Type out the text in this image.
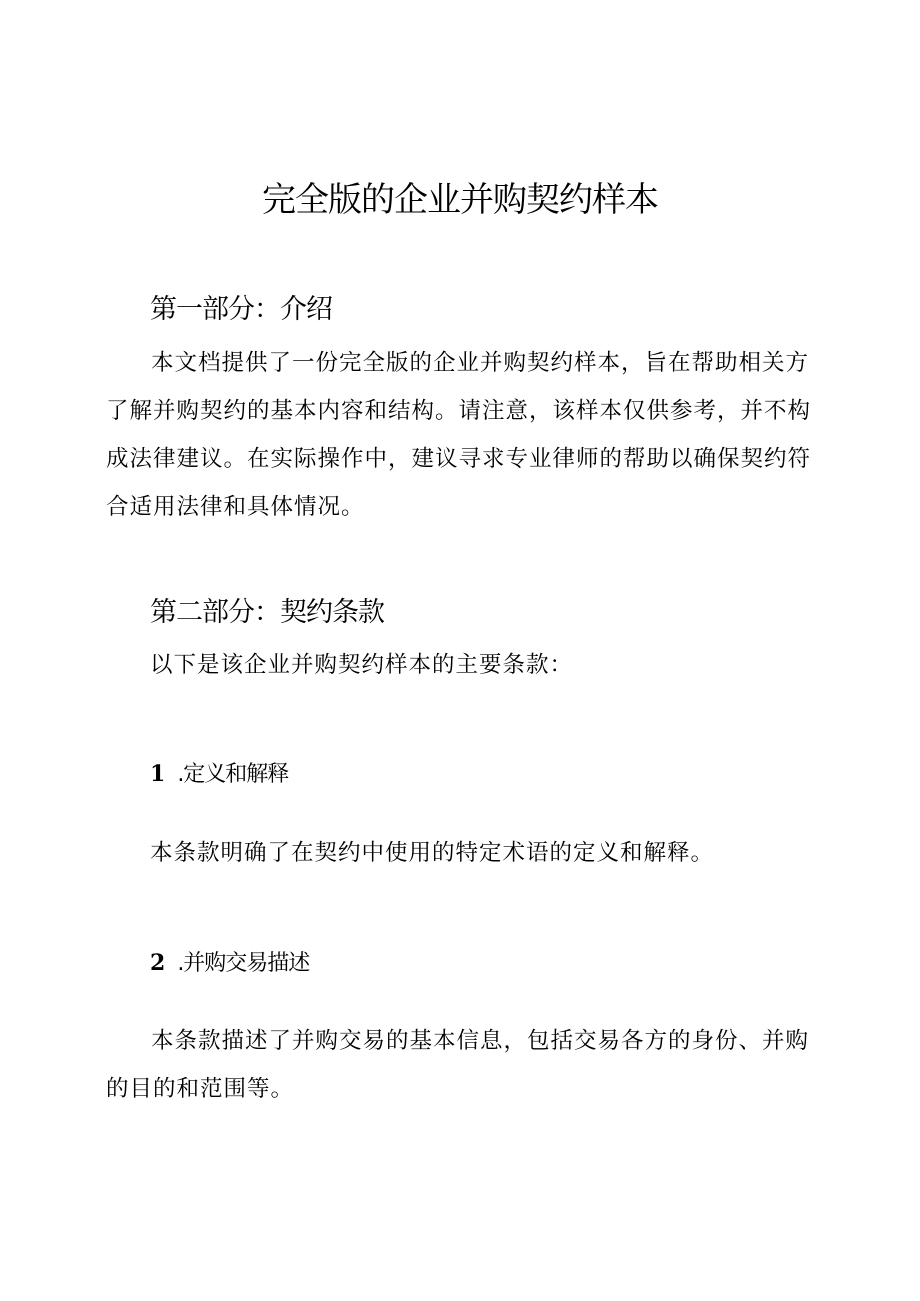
完全版的企业并购契约样本
第一部分：介绍

本文档提供了一份完全版的企业并购契约样本，旨在帮助相关方了解并购契约的基本内容和结构。请注意，该样本仅供参考，并不构成法律建议。在实际操作中，建议寻求专业律师的帮助以确保契约符合适用法律和具体情况。

第二部分：契约条款

以下是该企业并购契约样本的主要条款：

1 .定义和解释

本条款明确了在契约中使用的特定术语的定义和解释。

2 .并购交易描述

本条款描述了并购交易的基本信息，包括交易各方的身份、并购的目的和范围等。
